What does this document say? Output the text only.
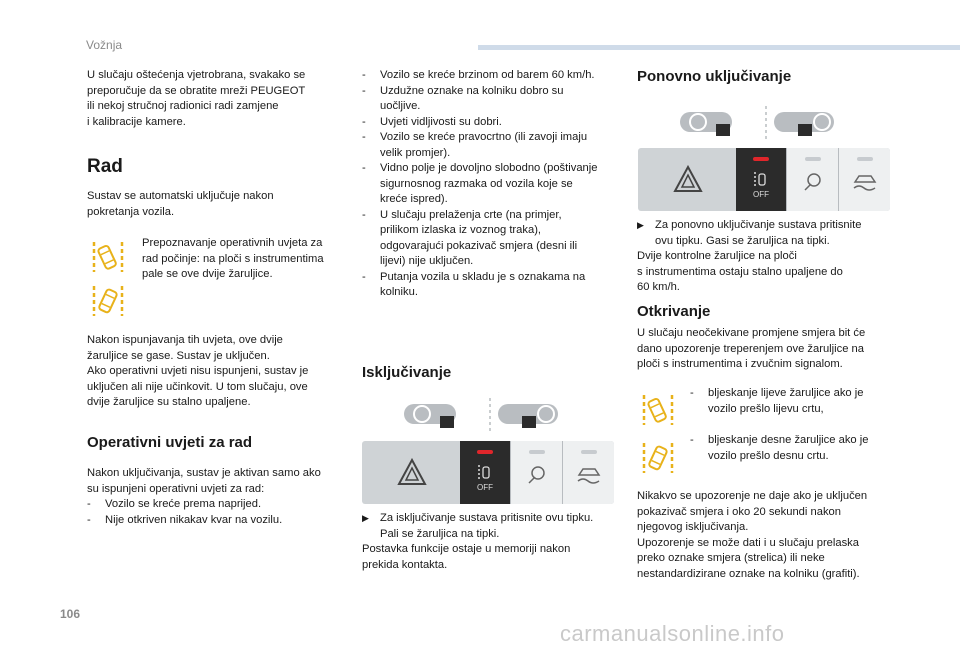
Vožnja

U slučaju oštećenja vjetrobrana, svakako se

preporučuje da se obratite mreži PEUGEOT

ili nekoj stručnoj radionici radi zamjene

i kalibracije kamere.

Rad

Sustav se automatski uključuje nakon

pokretanja vozila.

Prepoznavanje operativnih uvjeta za

rad počinje: na ploči s instrumentima

pale se ove dvije žaruljice.

Nakon ispunjavanja tih uvjeta, ove dvije

žaruljice se gase. Sustav je uključen.

Ako operativni uvjeti nisu ispunjeni, sustav je

uključen ali nije učinkovit. U tom slučaju, ove

dvije žaruljice su stalno upaljene.

Operativni uvjeti za rad

Nakon uključivanja, sustav je aktivan samo ako

su ispunjeni operativni uvjeti za rad:

-	Vozilo se kreće prema naprijed.
-	Nije otkriven nikakav kvar na vozilu.
-	Vozilo se kreće brzinom od barem 60 km/h.
-	Uzdužne oznake na kolniku dobro su
uočljive.
-	Uvjeti vidljivosti su dobri.
-	Vozilo se kreće pravocrtno (ili zavoji imaju
velik promjer).
-	Vidno polje je dovoljno slobodno (poštivanje
sigurnosnog razmaka od vozila koje se
kreće ispred).
-	U slučaju prelaženja crte (na primjer,
prilikom izlaska iz voznog traka),
odgovarajući pokazivač smjera (desni ili
lijevi) nije uključen.
-	Putanja vozila u skladu je s oznakama na
kolniku.
Isključivanje
OFF
▶ Za isključivanje sustava pritisnite ovu tipku.
Pali se žaruljica na tipki.

Postavka funkcije ostaje u memoriji nakon

prekida kontakta.

Ponovno uključivanje
OFF
▶ Za ponovno uključivanje sustava pritisnite
ovu tipku. Gasi se žaruljica na tipki.

Dvije kontrolne žaruljice na ploči

s instrumentima ostaju stalno upaljene do

60 km/h.

Otkrivanje

U slučaju neočekivane promjene smjera bit će

dano upozorenje treperenjem ove žaruljice na

ploči s instrumentima i zvučnim signalom.

-	bljeskanje lijeve žaruljice ako je
vozilo prešlo lijevu crtu,
-	bljeskanje desne žaruljice ako je
vozilo prešlo desnu crtu.

Nikakvo se upozorenje ne daje ako je uključen

pokazivač smjera i oko 20 sekundi nakon

njegovog isključivanja.

Upozorenje se može dati i u slučaju prelaska

preko oznake smjera (strelica) ili neke

nestandardizirane oznake na kolniku (grafiti).

106
carmanualsonline.info
